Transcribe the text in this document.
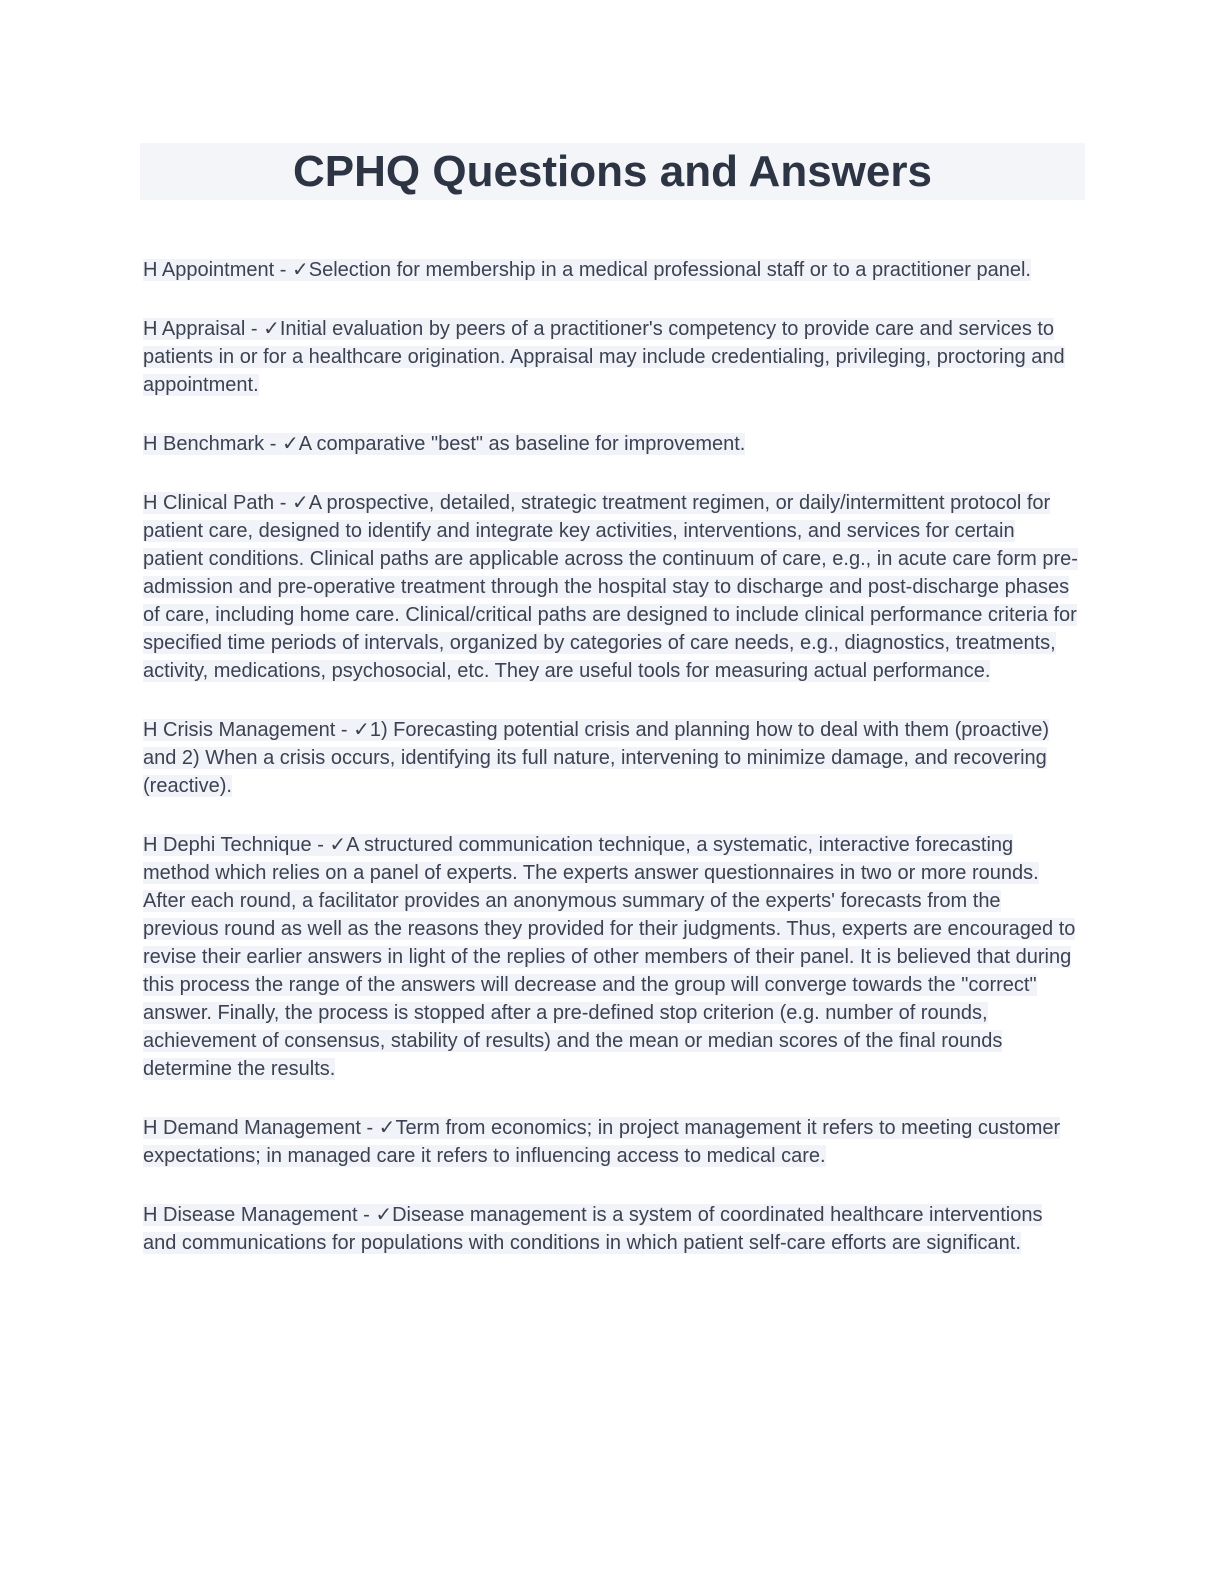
CPHQ Questions and Answers

H Appointment - ✓Selection for membership in a medical professional staff or to a practitioner panel.

H Appraisal - ✓Initial evaluation by peers of a practitioner's competency to provide care and services to patients in or for a healthcare origination. Appraisal may include credentialing, privileging, proctoring and appointment.

H Benchmark - ✓A comparative "best" as baseline for improvement.

H Clinical Path - ✓A prospective, detailed, strategic treatment regimen, or daily/intermittent protocol for patient care, designed to identify and integrate key activities, interventions, and services for certain patient conditions. Clinical paths are applicable across the continuum of care, e.g., in acute care form pre-admission and pre-operative treatment through the hospital stay to discharge and post-discharge phases of care, including home care. Clinical/critical paths are designed to include clinical performance criteria for specified time periods of intervals, organized by categories of care needs, e.g., diagnostics, treatments, activity, medications, psychosocial, etc. They are useful tools for measuring actual performance.

H Crisis Management - ✓1) Forecasting potential crisis and planning how to deal with them (proactive) and 2) When a crisis occurs, identifying its full nature, intervening to minimize damage, and recovering (reactive).

H Dephi Technique - ✓A structured communication technique, a systematic, interactive forecasting method which relies on a panel of experts. The experts answer questionnaires in two or more rounds. After each round, a facilitator provides an anonymous summary of the experts' forecasts from the previous round as well as the reasons they provided for their judgments. Thus, experts are encouraged to revise their earlier answers in light of the replies of other members of their panel. It is believed that during this process the range of the answers will decrease and the group will converge towards the "correct" answer. Finally, the process is stopped after a pre-defined stop criterion (e.g. number of rounds, achievement of consensus, stability of results) and the mean or median scores of the final rounds determine the results.

H Demand Management - ✓Term from economics; in project management it refers to meeting customer expectations; in managed care it refers to influencing access to medical care.

H Disease Management - ✓Disease management is a system of coordinated healthcare interventions and communications for populations with conditions in which patient self-care efforts are significant.
